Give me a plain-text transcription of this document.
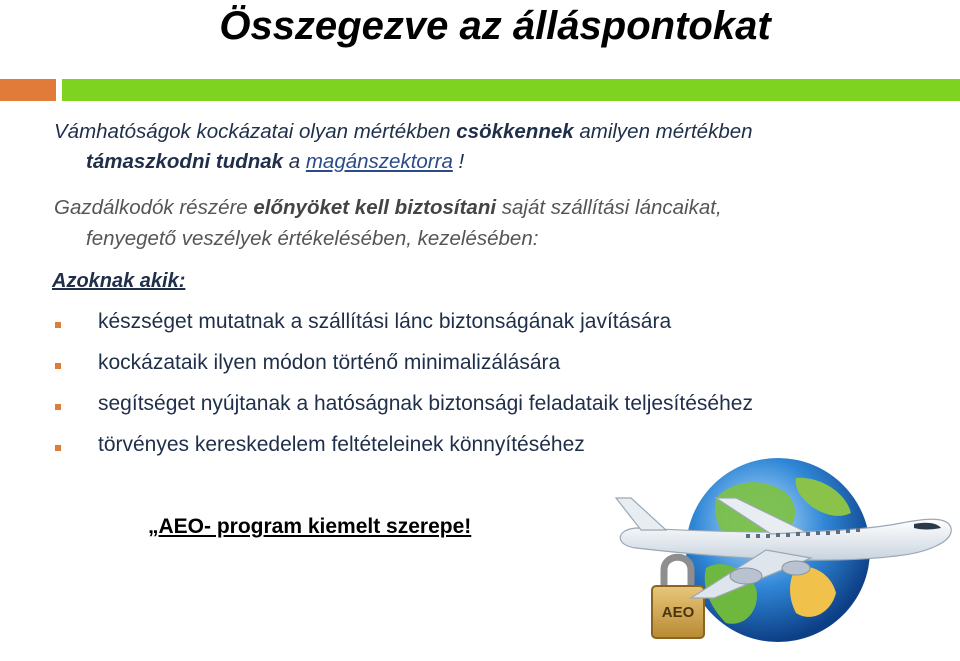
Összegezve az álláspontokat
Vámhatóságok kockázatai olyan mértékben csökkennek amilyen mértékben
támaszkodni tudnak a magánszektorra !
Gazdálkodók részére előnyöket kell biztosítani saját szállítási láncaikat,
fenyegető veszélyek értékelésében, kezelésében:
Azoknak akik:
készséget mutatnak a szállítási lánc biztonságának javítására
kockázataik ilyen módon történő minimalizálására
segítséget nyújtanak a hatóságnak biztonsági feladataik teljesítéséhez
törvényes kereskedelem feltételeinek könnyítéséhez
„AEO- program kiemelt szerepe!
AEO
